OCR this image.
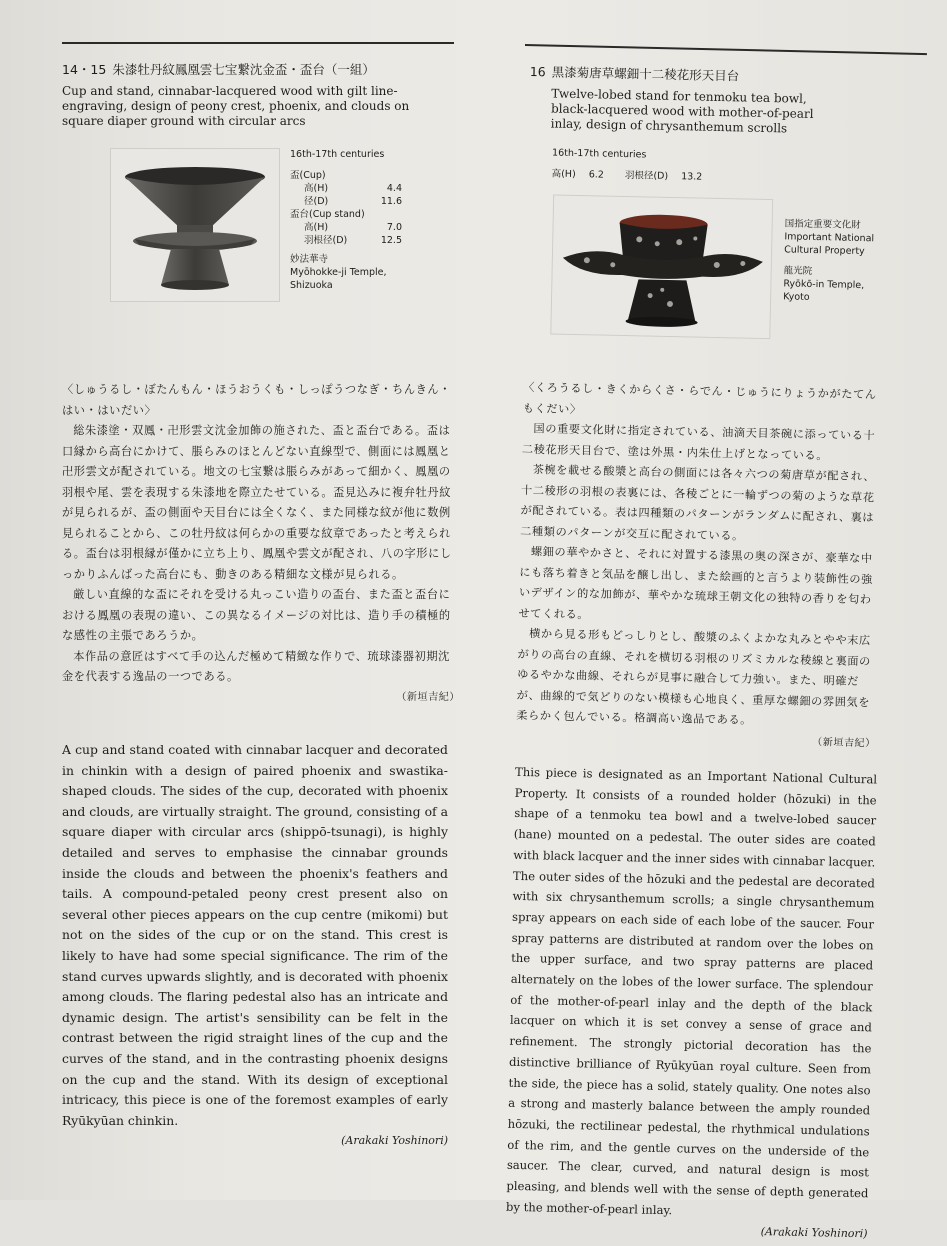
14・15 朱漆牡丹紋鳳凰雲七宝繋沈金盃・盃台（一組）
Cup and stand, cinnabar-lacquered wood with gilt line-engraving, design of peony crest, phoenix, and clouds on square diaper ground with circular arcs
16th-17th centuries
盃(Cup)
高(H)	4.4
径(D)	11.6
盃台(Cup stand)
高(H)	7.0
羽根径(D)	12.5
妙法華寺
Myōhokke-ji Temple, Shizuoka

〈しゅうるし・ぼたんもん・ほうおうくも・しっぽうつなぎ・ちんきん・はい・はいだい〉

総朱漆塗・双鳳・卍形雲文沈金加飾の施された、盃と盃台である。盃は口縁から高台にかけて、脹らみのほとんどない直線型で、側面には鳳凰と卍形雲文が配されている。地文の七宝繋は脹らみがあって細かく、鳳凰の羽根や尾、雲を表現する朱漆地を際立たせている。盃見込みに複弁牡丹紋が見られるが、盃の側面や天目台には全くなく、また同様な紋が他に数例見られることから、この牡丹紋は何らかの重要な紋章であったと考えられる。盃台は羽根縁が僅かに立ち上り、鳳凰や雲文が配され、八の字形にしっかりふんばった高台にも、動きのある精細な文様が見られる。

厳しい直線的な盃にそれを受ける丸っこい造りの盃台、また盃と盃台における鳳凰の表現の違い、この異なるイメージの対比は、造り手の積極的な感性の主張であろうか。

本作品の意匠はすべて手の込んだ極めて精緻な作りで、琉球漆器初期沈金を代表する逸品の一つである。

（新垣吉紀）

A cup and stand coated with cinnabar lacquer and decorated in chinkin with a design of paired phoenix and swastika-shaped clouds. The sides of the cup, decorated with phoenix and clouds, are virtually straight. The ground, consisting of a square diaper with circular arcs (shippō-tsunagi), is highly detailed and serves to emphasise the cinnabar grounds inside the clouds and between the phoenix's feathers and tails. A compound-petaled peony crest present also on several other pieces appears on the cup centre (mikomi) but not on the sides of the cup or on the stand. This crest is likely to have had some special significance. The rim of the stand curves upwards slightly, and is decorated with phoenix among clouds. The flaring pedestal also has an intricate and dynamic design. The artist's sensibility can be felt in the contrast between the rigid straight lines of the cup and the curves of the stand, and in the contrasting phoenix designs on the cup and the stand. With its design of exceptional intricacy, this piece is one of the foremost examples of early Ryūkyūan chinkin.

(Arakaki Yoshinori)
16 黒漆菊唐草螺鈿十二稜花形天目台
Twelve-lobed stand for tenmoku tea bowl, black-lacquered wood with mother-of-pearl inlay, design of chrysanthemum scrolls
16th-17th centuries
高(H) 6.2 羽根径(D) 13.2
国指定重要文化財
Important National Cultural Property
龍光院
Ryōkō-in Temple, Kyoto

〈くろうるし・きくからくさ・らでん・じゅうにりょうかがたてんもくだい〉

国の重要文化財に指定されている、油滴天目茶碗に添っている十二稜花形天目台で、塗は外黒・内朱仕上げとなっている。

茶椀を載せる酸漿と高台の側面には各々六つの菊唐草が配され、十二稜形の羽根の表裏には、各稜ごとに一輪ずつの菊のような草花が配されている。表は四種類のパターンがランダムに配され、裏は二種類のパターンが交互に配されている。

螺鈿の華やかさと、それに対置する漆黒の奥の深さが、豪華な中にも落ち着きと気品を醸し出し、また絵画的と言うより装飾性の強いデザイン的な加飾が、華やかな琉球王朝文化の独特の香りを匂わせてくれる。

横から見る形もどっしりとし、酸漿のふくよかな丸みとやや末広がりの高台の直線、それを横切る羽根のリズミカルな稜線と裏面のゆるやかな曲線、それらが見事に融合して力強い。また、明確だが、曲線的で気どりのない模様も心地良く、重厚な螺鈿の雰囲気を柔らかく包んでいる。格調高い逸品である。

（新垣吉紀）

This piece is designated as an Important National Cultural Property. It consists of a rounded holder (hōzuki) in the shape of a tenmoku tea bowl and a twelve-lobed saucer (hane) mounted on a pedestal. The outer sides are coated with black lacquer and the inner sides with cinnabar lacquer. The outer sides of the hōzuki and the pedestal are decorated with six chrysanthemum scrolls; a single chrysanthemum spray appears on each side of each lobe of the saucer. Four spray patterns are distributed at random over the lobes on the upper surface, and two spray patterns are placed alternately on the lobes of the lower surface. The splendour of the mother-of-pearl inlay and the depth of the black lacquer on which it is set convey a sense of grace and refinement. The strongly pictorial decoration has the distinctive brilliance of Ryūkyūan royal culture. Seen from the side, the piece has a solid, stately quality. One notes also a strong and masterly balance between the amply rounded hōzuki, the rectilinear pedestal, the rhythmical undulations of the rim, and the gentle curves on the underside of the saucer. The clear, curved, and natural design is most pleasing, and blends well with the sense of depth generated by the mother-of-pearl inlay.

(Arakaki Yoshinori)
